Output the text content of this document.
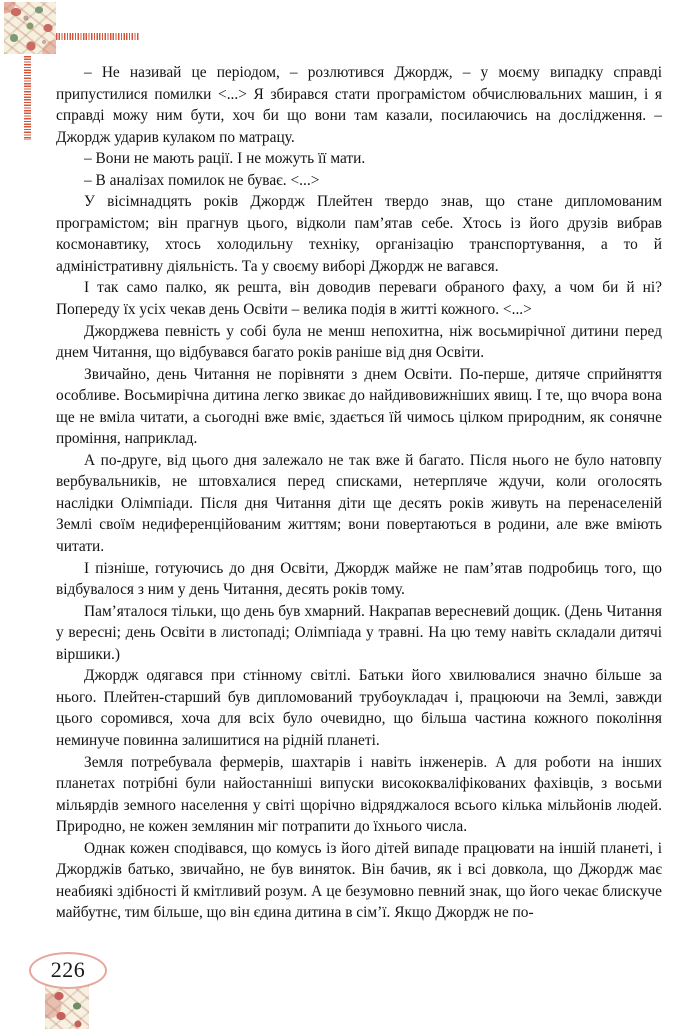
– Не називай це періодом, – розлютився Джордж, – у моєму випадку справді припустилися помилки <...> Я збирався стати програмістом обчислювальних машин, і я справді можу ним бути, хоч би що вони там казали, посилаючись на дослідження. – Джордж ударив кулаком по матрацу.

– Вони не мають рації. І не можуть її мати.

– В аналізах помилок не буває. <...>

У вісімнадцять років Джордж Плейтен твердо знав, що стане дипломованим програмістом; він прагнув цього, відколи пам’ятав себе. Хтось із його друзів вибрав космонавтику, хтось холодильну техніку, організацію транспортування, а то й адміністративну діяльність. Та у своєму виборі Джордж не вагався.

І так само палко, як решта, він доводив переваги обраного фаху, а чом би й ні? Попереду їх усіх чекав день Освіти – велика подія в житті кожного. <...>

Джорджева певність у собі була не менш непохитна, ніж восьмирічної дитини перед днем Читання, що відбувався багато років раніше від дня Освіти.

Звичайно, день Читання не порівняти з днем Освіти. По-перше, дитяче сприйняття особливе. Восьмирічна дитина легко звикає до найдивовижніших явищ. І те, що вчора вона ще не вміла читати, а сьогодні вже вміє, здається їй чимось цілком природним, як сонячне проміння, наприклад.

А по-друге, від цього дня залежало не так вже й багато. Після нього не було натовпу вербувальників, не штовхалися перед списками, нетерпляче ждучи, коли оголосять наслідки Олімпіади. Після дня Читання діти ще десять років живуть на перенаселеній Землі своїм недиференційованим життям; вони повертаються в родини, але вже вміють читати.

І пізніше, готуючись до дня Освіти, Джордж майже не пам’ятав подробиць того, що відбувалося з ним у день Читання, десять років тому.

Пам’яталося тільки, що день був хмарний. Накрапав вересневий дощик. (День Читання у вересні; день Освіти в листопаді; Олімпіада у травні. На цю тему навіть складали дитячі віршики.)

Джордж одягався при стінному світлі. Батьки його хвилювалися значно більше за нього. Плейтен-старший був дипломований трубоукладач і, працюючи на Землі, завжди цього соромився, хоча для всіх було очевидно, що більша частина кожного покоління неминуче повинна залишитися на рідній планеті.

Земля потребувала фермерів, шахтарів і навіть інженерів. А для роботи на інших планетах потрібні були найостанніші випуски висококваліфікованих фахівців, з восьми мільярдів земного населення у світі щорічно відряджалося всього кілька мільйонів людей. Природно, не кожен землянин міг потрапити до їхнього числа.

Однак кожен сподівався, що комусь із його дітей випаде працювати на іншій планеті, і Джорджів батько, звичайно, не був виняток. Він бачив, як і всі довкола, що Джордж має неабиякі здібності й кмітливий розум. А це безумовно певний знак, що його чекає блискуче майбутнє, тим більше, що він єдина дитина в сім’ї. Якщо Джордж не по-

226
